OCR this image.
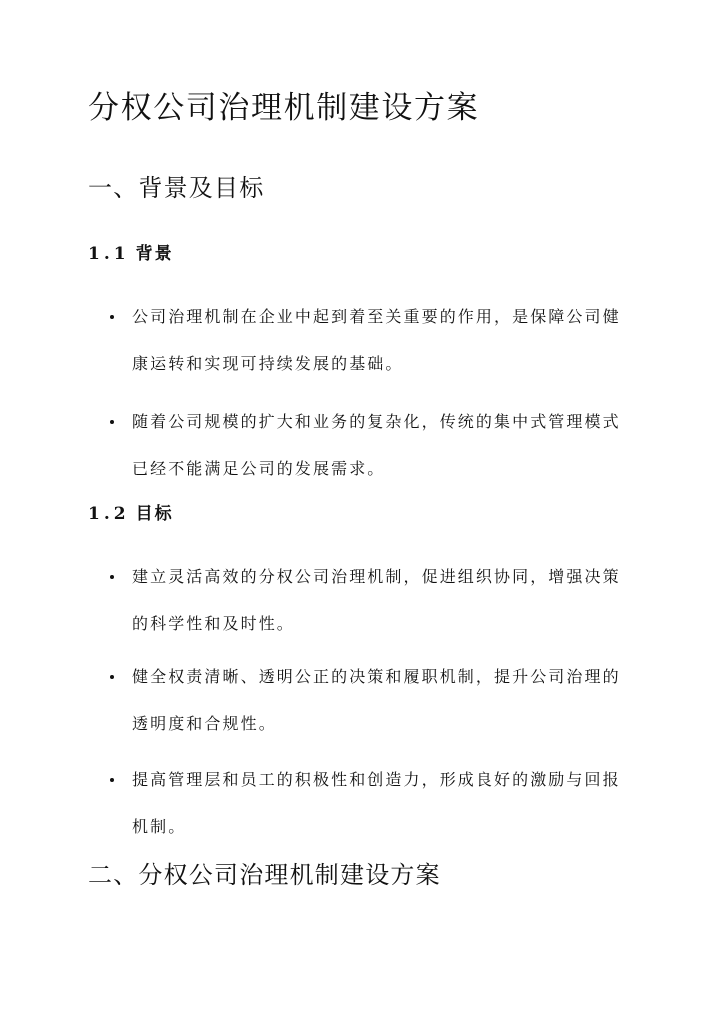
分权公司治理机制建设方案
一、背景及目标
1.1 背景
公司治理机制在企业中起到着至关重要的作用，是保障公司健康运转和实现可持续发展的基础。
随着公司规模的扩大和业务的复杂化，传统的集中式管理模式已经不能满足公司的发展需求。
1.2 目标
建立灵活高效的分权公司治理机制，促进组织协同，增强决策的科学性和及时性。
健全权责清晰、透明公正的决策和履职机制，提升公司治理的透明度和合规性。
提高管理层和员工的积极性和创造力，形成良好的激励与回报机制。
二、分权公司治理机制建设方案
